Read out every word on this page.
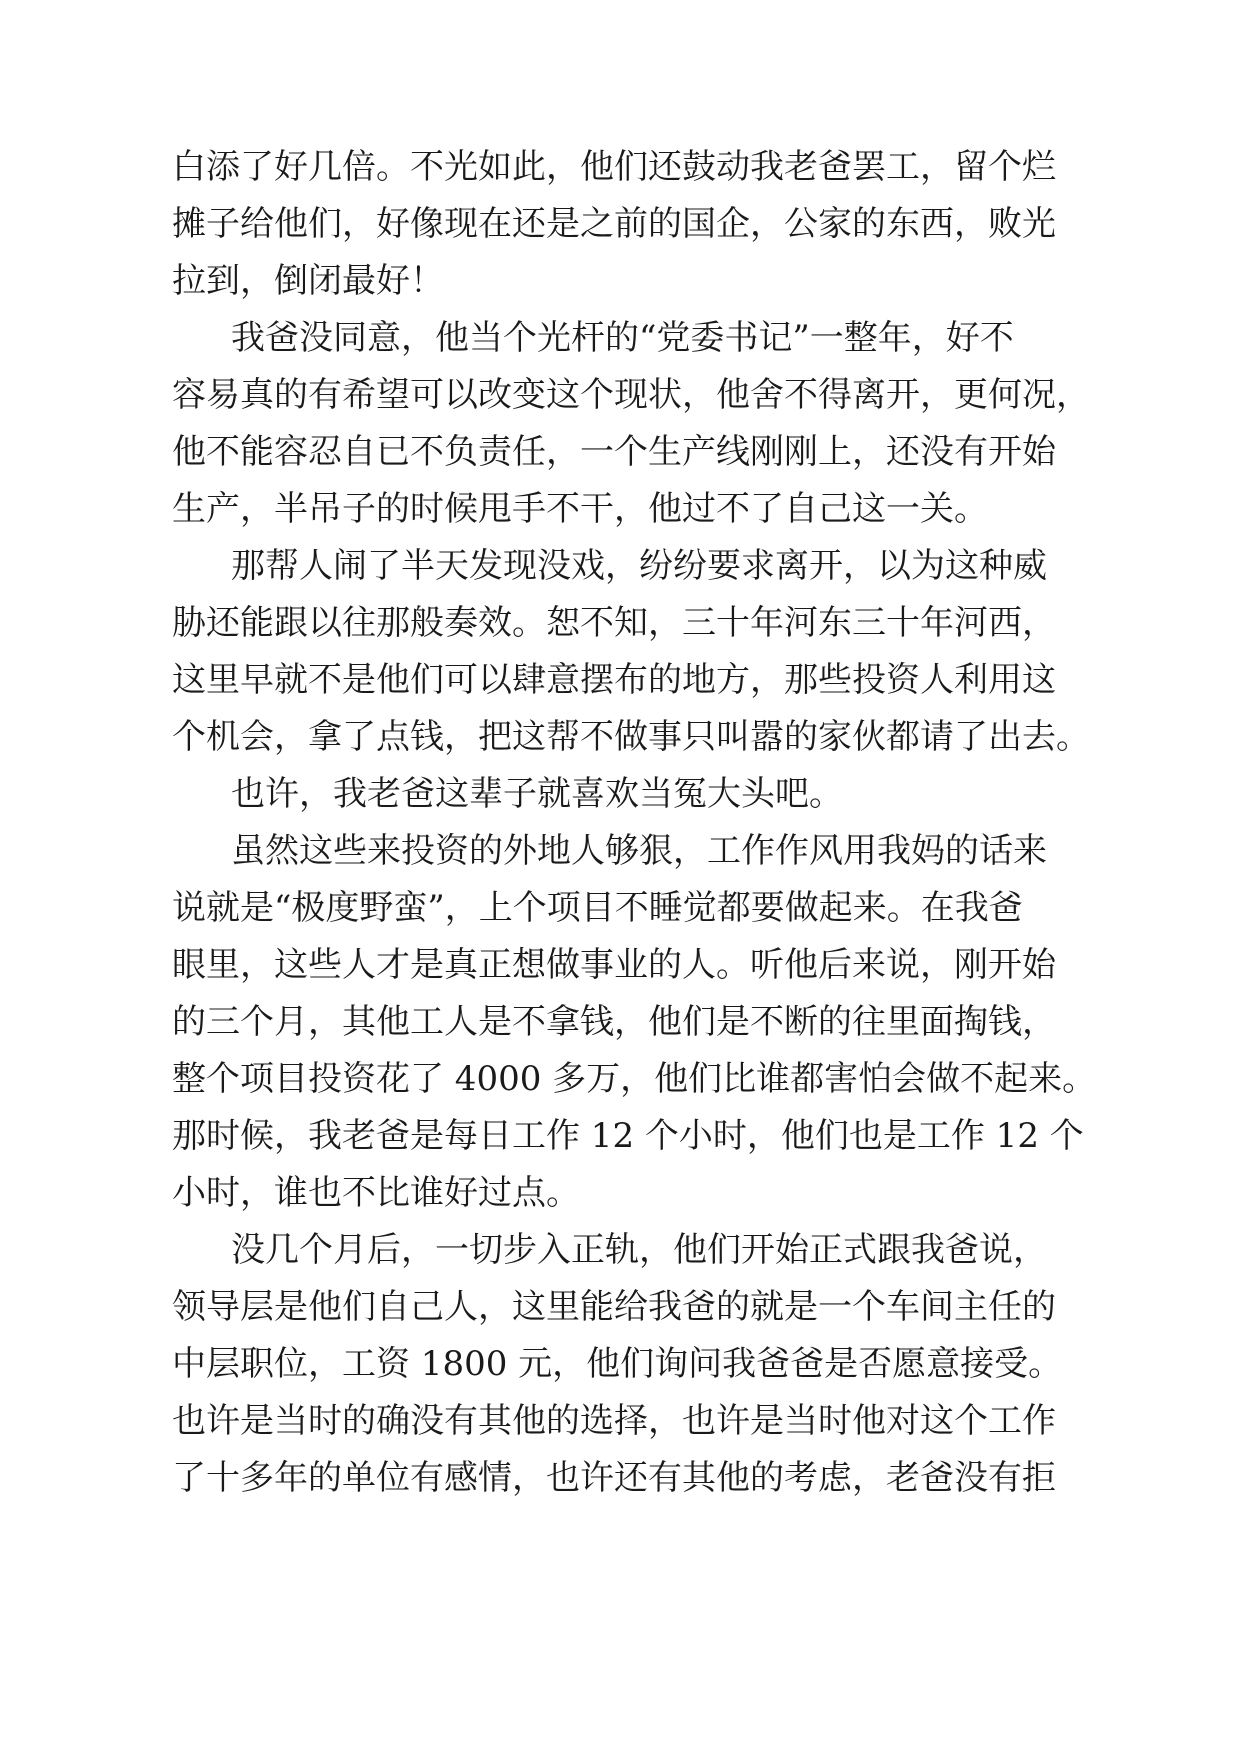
白添了好几倍。不光如此，他们还鼓动我老爸罢工，留个烂
摊子给他们，好像现在还是之前的国企，公家的东西，败光
拉到，倒闭最好！
我爸没同意，他当个光杆的“党委书记”一整年，好不
容易真的有希望可以改变这个现状，他舍不得离开，更何况，
他不能容忍自已不负责任，一个生产线刚刚上，还没有开始
生产，半吊子的时候甩手不干，他过不了自己这一关。
那帮人闹了半天发现没戏，纷纷要求离开，以为这种威
胁还能跟以往那般奏效。恕不知，三十年河东三十年河西，
这里早就不是他们可以肆意摆布的地方，那些投资人利用这
个机会，拿了点钱，把这帮不做事只叫嚣的家伙都请了出去。
也许，我老爸这辈子就喜欢当冤大头吧。
虽然这些来投资的外地人够狠，工作作风用我妈的话来
说就是“极度野蛮”，上个项目不睡觉都要做起来。在我爸
眼里，这些人才是真正想做事业的人。听他后来说，刚开始
的三个月，其他工人是不拿钱，他们是不断的往里面掏钱，
整个项目投资花了 4000 多万，他们比谁都害怕会做不起来。
那时候，我老爸是每日工作 12 个小时，他们也是工作 12 个
小时，谁也不比谁好过点。
没几个月后，一切步入正轨，他们开始正式跟我爸说，
领导层是他们自己人，这里能给我爸的就是一个车间主任的
中层职位，工资 1800 元，他们询问我爸爸是否愿意接受。
也许是当时的确没有其他的选择，也许是当时他对这个工作
了十多年的单位有感情，也许还有其他的考虑，老爸没有拒
